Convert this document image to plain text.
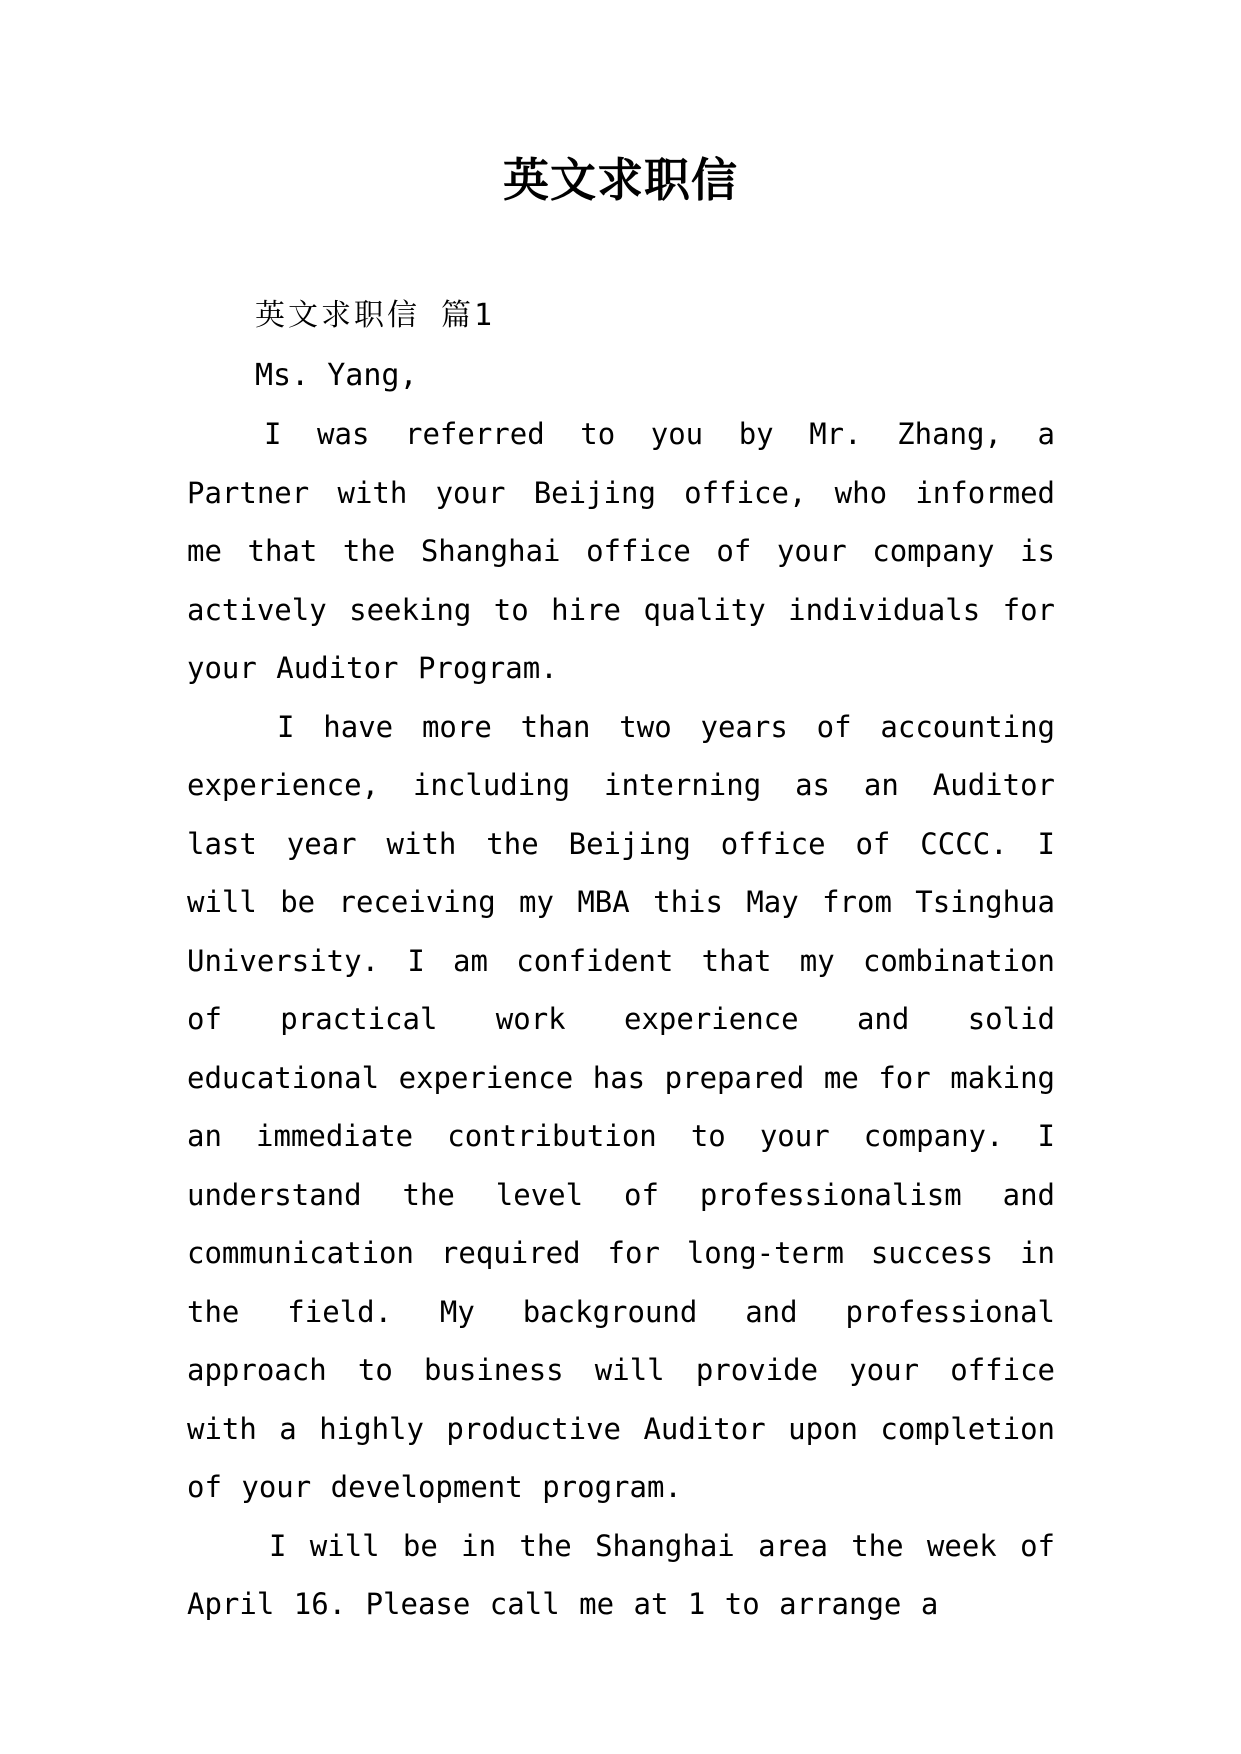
英文求职信
英文求职信 篇1
Ms. Yang,

I was referred to you by Mr. Zhang, a Partner with your Beijing office, who informed me that the Shanghai office of your company is actively seeking to hire quality individuals for your Auditor Program.

I have more than two years of accounting experience, including interning as an Auditor last year with the Beijing office of CCCC. I will be receiving my MBA this May from Tsinghua University. I am confident that my combination of practical work experience and solid educational experience has prepared me for making an immediate contribution to your company. I understand the level of professionalism and communication required for long-term success in the field. My background and professional approach to business will provide your office with a highly productive Auditor upon completion of your development program.

I will be in the Shanghai area the week of April 16. Please call me at 1 to arrange a
